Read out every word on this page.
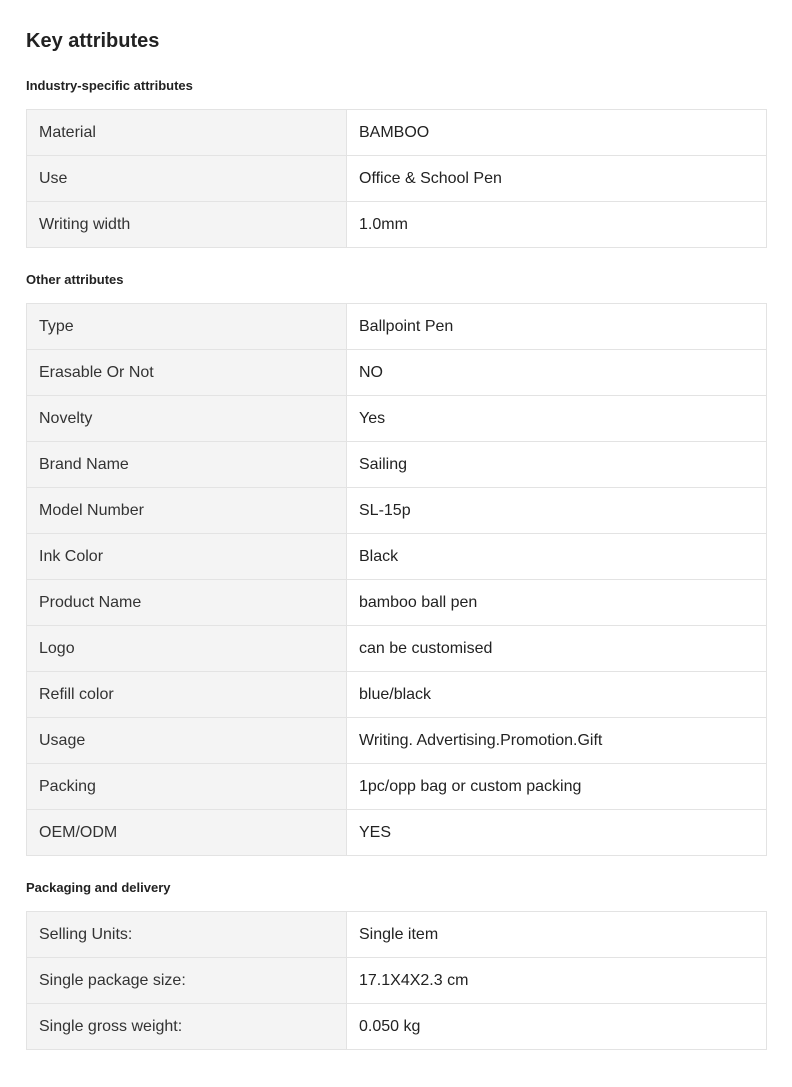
Key attributes
Industry-specific attributes
Material	BAMBOO
Use	Office & School Pen
Writing width	1.0mm
Other attributes
Type	Ballpoint Pen
Erasable Or Not	NO
Novelty	Yes
Brand Name	Sailing
Model Number	SL-15p
Ink Color	Black
Product Name	bamboo ball pen
Logo	can be customised
Refill color	blue/black
Usage	Writing. Advertising.Promotion.Gift
Packing	1pc/opp bag or custom packing
OEM/ODM	YES
Packaging and delivery
Selling Units:	Single item
Single package size:	17.1X4X2.3 cm
Single gross weight:	0.050 kg
